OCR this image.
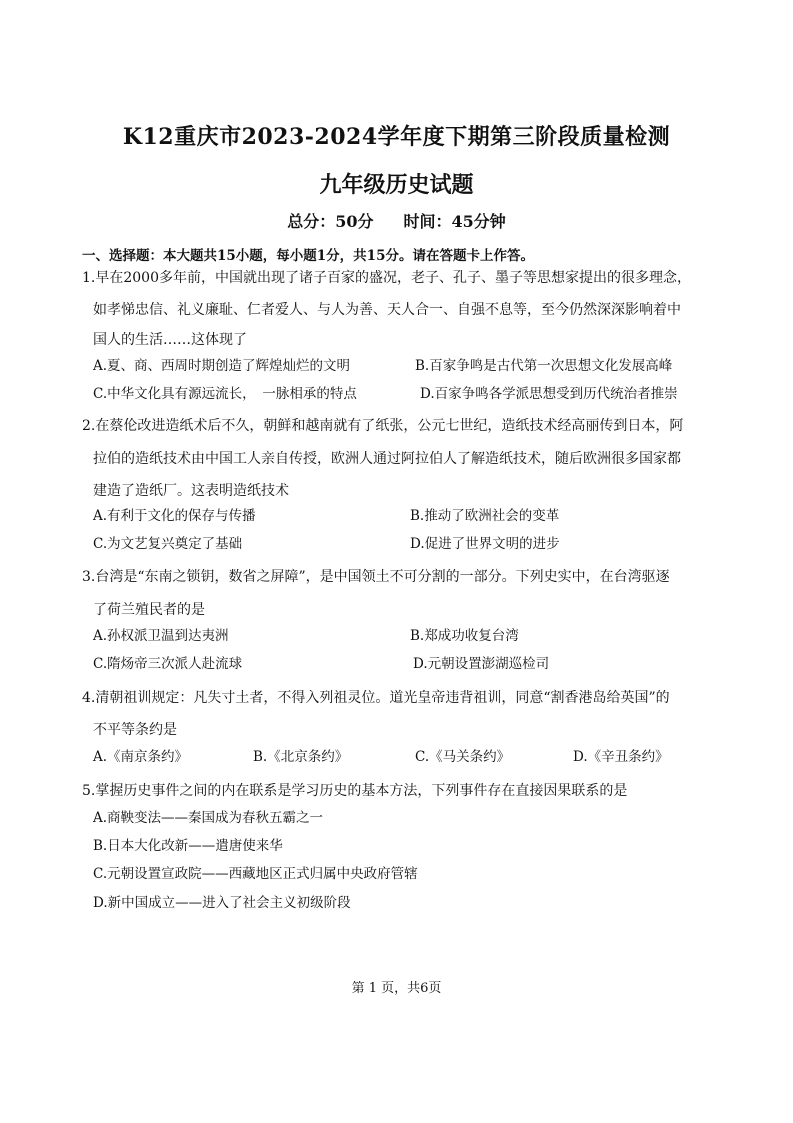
K12重庆市2023-2024学年度下期第三阶段质量检测
九年级历史试题
总分：50分 时间：45分钟
一、选择题：本大题共15小题，每小题1分，共15分。请在答题卡上作答。
1.早在2000多年前，中国就出现了诸子百家的盛况，老子、孔子、墨子等思想家提出的很多理念，
如孝悌忠信、礼义廉耻、仁者爱人、与人为善、天人合一、自强不息等，至今仍然深深影响着中
国人的生活……这体现了
A.夏、商、西周时期创造了辉煌灿烂的文明	B.百家争鸣是古代第一次思想文化发展高峰
C.中华文化具有源远流长，　一脉相承的特点	D.百家争鸣各学派思想受到历代统治者推崇
2.在蔡伦改进造纸术后不久，朝鲜和越南就有了纸张，公元七世纪，造纸技术经高丽传到日本，阿
拉伯的造纸技术由中国工人亲自传授，欧洲人通过阿拉伯人了解造纸技术，随后欧洲很多国家都
建造了造纸厂。这表明造纸技术
A.有利于文化的保存与传播	B.推动了欧洲社会的变革
C.为文艺复兴奠定了基础	D.促进了世界文明的进步
3.台湾是“东南之锁钥，数省之屏障”，是中国领土不可分割的一部分。下列史实中，在台湾驱逐
了荷兰殖民者的是
A.孙权派卫温到达夷洲	B.郑成功收复台湾
C.隋炀帝三次派人赴流球	D.元朝设置澎湖巡检司
4.清朝祖训规定：凡失寸土者，不得入列祖灵位。道光皇帝违背祖训，同意“割香港岛给英国”的
不平等条约是
A.《南京条约》	B.《北京条约》	C.《马关条约》	D.《辛丑条约》
5.掌握历史事件之间的内在联系是学习历史的基本方法，下列事件存在直接因果联系的是
A.商鞅变法——秦国成为春秋五霸之一
B.日本大化改新——遣唐使来华
C.元朝设置宣政院——西藏地区正式归属中央政府管辖
D.新中国成立——进入了社会主义初级阶段
第 1 页，共6页
